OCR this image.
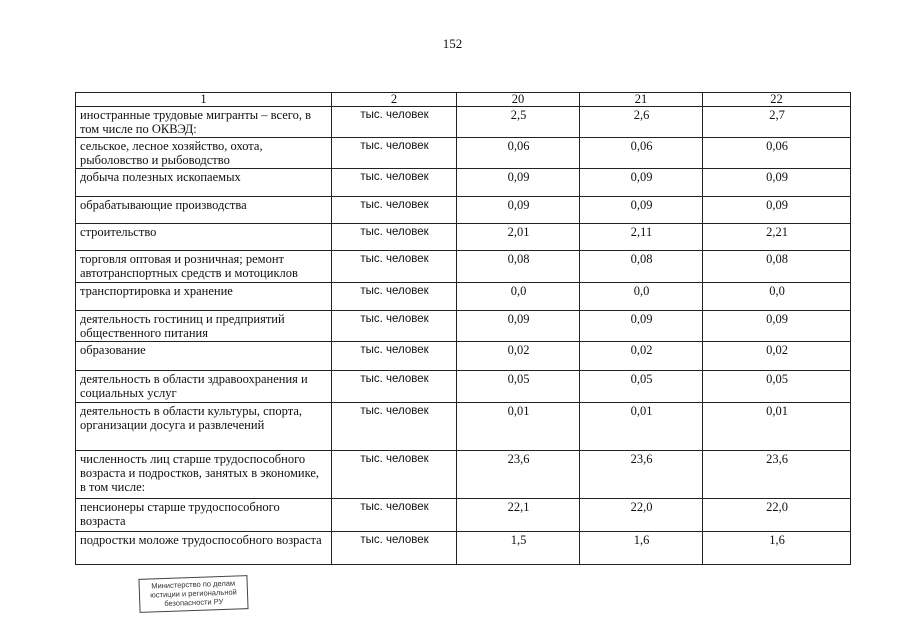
152
1	2	20	21	22
иностранные трудовые мигранты – всего, в том числе по ОКВЭД:	тыс. человек	2,5	2,6	2,7
сельское, лесное хозяйство, охота, рыболовство и рыбоводство	тыс. человек	0,06	0,06	0,06
добыча полезных ископаемых	тыс. человек	0,09	0,09	0,09
обрабатывающие производства	тыс. человек	0,09	0,09	0,09
строительство	тыс. человек	2,01	2,11	2,21
торговля оптовая и розничная; ремонт автотранспортных средств и мотоциклов	тыс. человек	0,08	0,08	0,08
транспортировка и хранение	тыс. человек	0,0	0,0	0,0
деятельность гостиниц и предприятий общественного питания	тыс. человек	0,09	0,09	0,09
образование	тыс. человек	0,02	0,02	0,02
деятельность в области здравоохранения и социальных услуг	тыс. человек	0,05	0,05	0,05
деятельность в области культуры, спорта, организации досуга и развлечений	тыс. человек	0,01	0,01	0,01
численность лиц старше трудоспособного возраста и подростков, занятых в экономике, в том числе:	тыс. человек	23,6	23,6	23,6
пенсионеры старше трудоспособного возраста	тыс. человек	22,1	22,0	22,0
подростки моложе трудоспособного возраста	тыс. человек	1,5	1,6	1,6
Министерство по делам
юстиции и региональной
безопасности РУ
